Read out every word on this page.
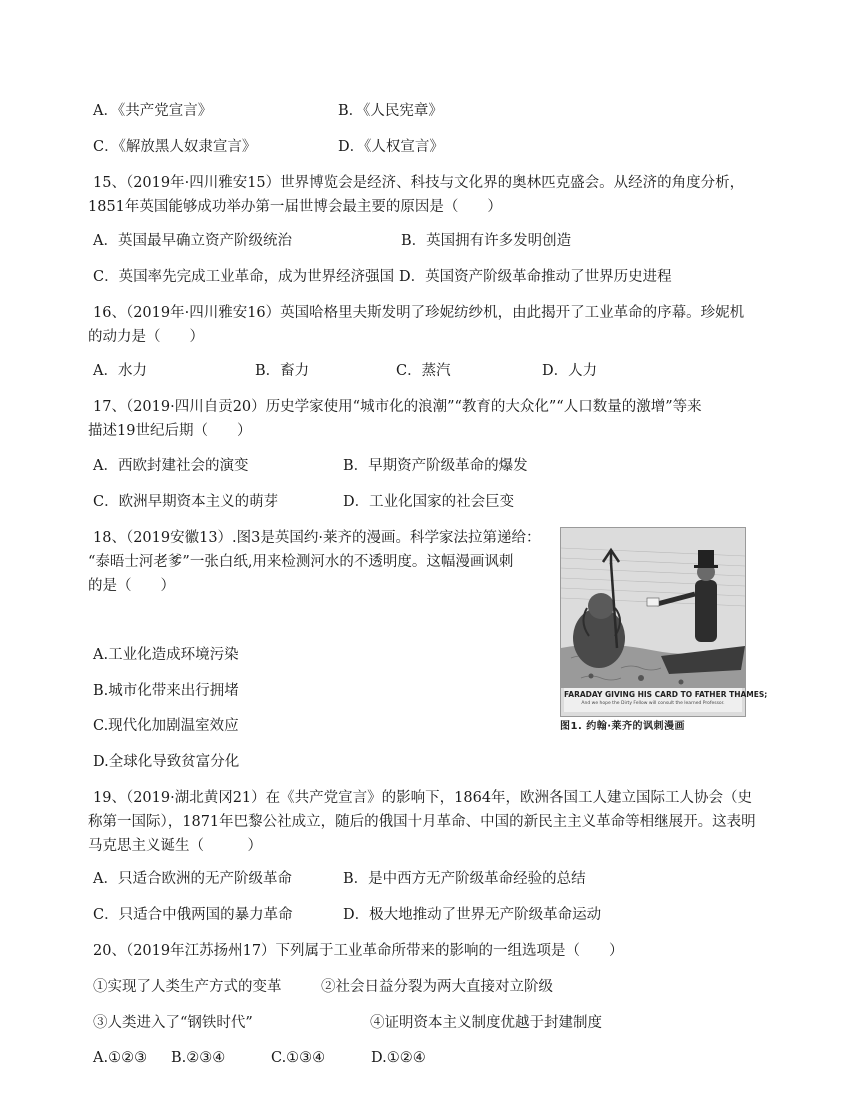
A．《共产党宣言》	B．《人民宪章》
C．《解放黑人奴隶宣言》	D．《人权宣言》
15、（2019年·四川雅安15）世界博览会是经济、科技与文化界的奥林匹克盛会。从经济的角度分析，
1851年英国能够成功举办第一届世博会最主要的原因是（　　）
A．英国最早确立资产阶级统治	B．英国拥有许多发明创造
C．英国率先完成工业革命，成为世界经济强国 D．英国资产阶级革命推动了世界历史进程
16、（2019年·四川雅安16）英国哈格里夫斯发明了珍妮纺纱机，由此揭开了工业革命的序幕。珍妮机
的动力是（　　）
A．水力	B．畜力	C．蒸汽	D．人力
17、（2019·四川自贡20）历史学家使用“城市化的浪潮”“教育的大众化”“人口数量的激增”等来
描述19世纪后期（　　）
A．西欧封建社会的演变	B．早期资产阶级革命的爆发
C．欧洲早期资本主义的萌芽	D．工业化国家的社会巨变
18、（2019安徽13）.图3是英国约·莱齐的漫画。科学家法拉第递给：
“泰晤士河老爹”一张白纸,用来检测河水的不透明度。这幅漫画讽刺
的是（　　）
A.工业化造成环境污染
B.城市化带来出行拥堵
C.现代化加剧温室效应
D.全球化导致贫富分化
FARADAY GIVING HIS CARD TO FATHER THAMES;
And we hope the Dirty Fellow will consult the learned Professor.
图1. 约翰·莱齐的讽刺漫画
19、（2019·湖北黄冈21）在《共产党宣言》的影响下，1864年，欧洲各国工人建立国际工人协会（史
称第一国际），1871年巴黎公社成立，随后的俄国十月革命、中国的新民主主义革命等相继展开。这表明
马克思主义诞生（　　　）
A．只适合欧洲的无产阶级革命	B．是中西方无产阶级革命经验的总结
C．只适合中俄两国的暴力革命	D．极大地推动了世界无产阶级革命运动
20、（2019年江苏扬州17）下列属于工业革命所带来的影响的一组选项是（　　）
①实现了人类生产方式的变革	②社会日益分裂为两大直接对立阶级
③人类进入了“钢铁时代”	④证明资本主义制度优越于封建制度
A.①②③ B.②③④	C.①③④	D.①②④
